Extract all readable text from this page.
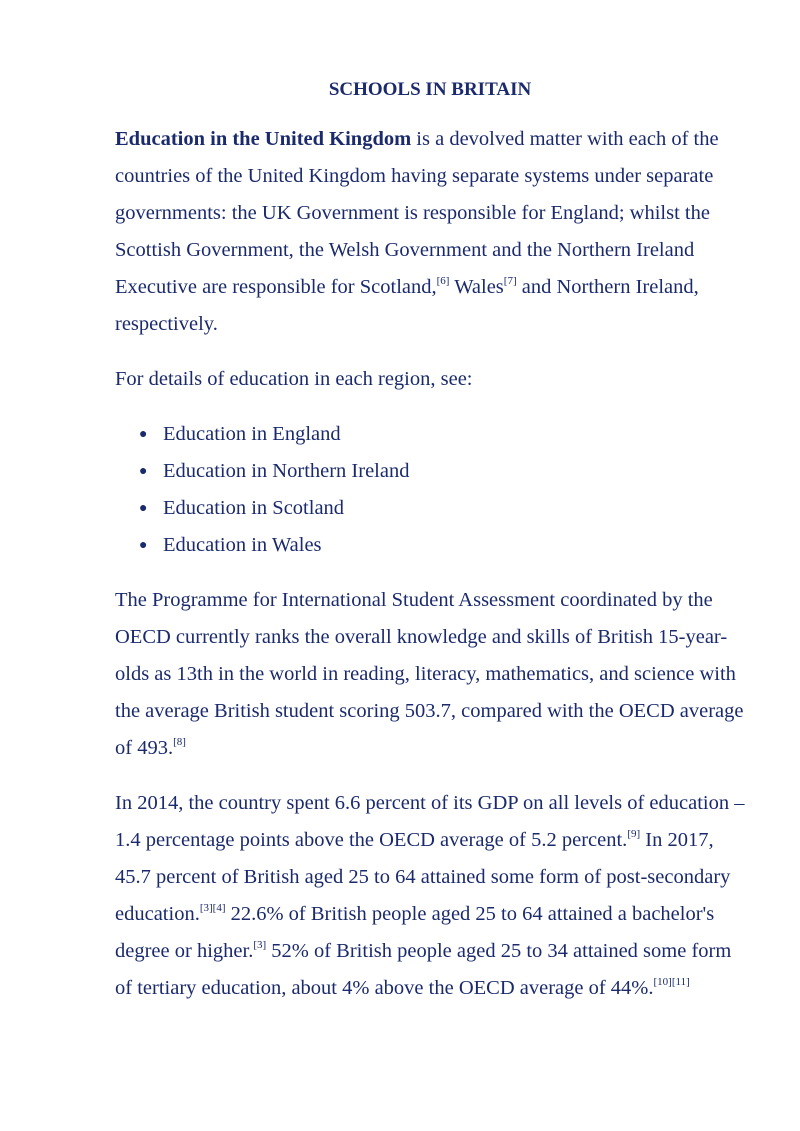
SCHOOLS IN BRITAIN

Education in the United Kingdom is a devolved matter with each of the countries of the United Kingdom having separate systems under separate governments: the UK Government is responsible for England; whilst the Scottish Government, the Welsh Government and the Northern Ireland Executive are responsible for Scotland,[6] Wales[7] and Northern Ireland, respectively.

For details of education in each region, see:

● Education in England
● Education in Northern Ireland
● Education in Scotland
● Education in Wales

The Programme for International Student Assessment coordinated by the OECD currently ranks the overall knowledge and skills of British 15-year-olds as 13th in the world in reading, literacy, mathematics, and science with the average British student scoring 503.7, compared with the OECD average of 493.[8]

In 2014, the country spent 6.6 percent of its GDP on all levels of education – 1.4 percentage points above the OECD average of 5.2 percent.[9] In 2017, 45.7 percent of British aged 25 to 64 attained some form of post-secondary education.[3][4] 22.6% of British people aged 25 to 64 attained a bachelor's degree or higher.[3] 52% of British people aged 25 to 34 attained some form of tertiary education, about 4% above the OECD average of 44%.[10][11]
